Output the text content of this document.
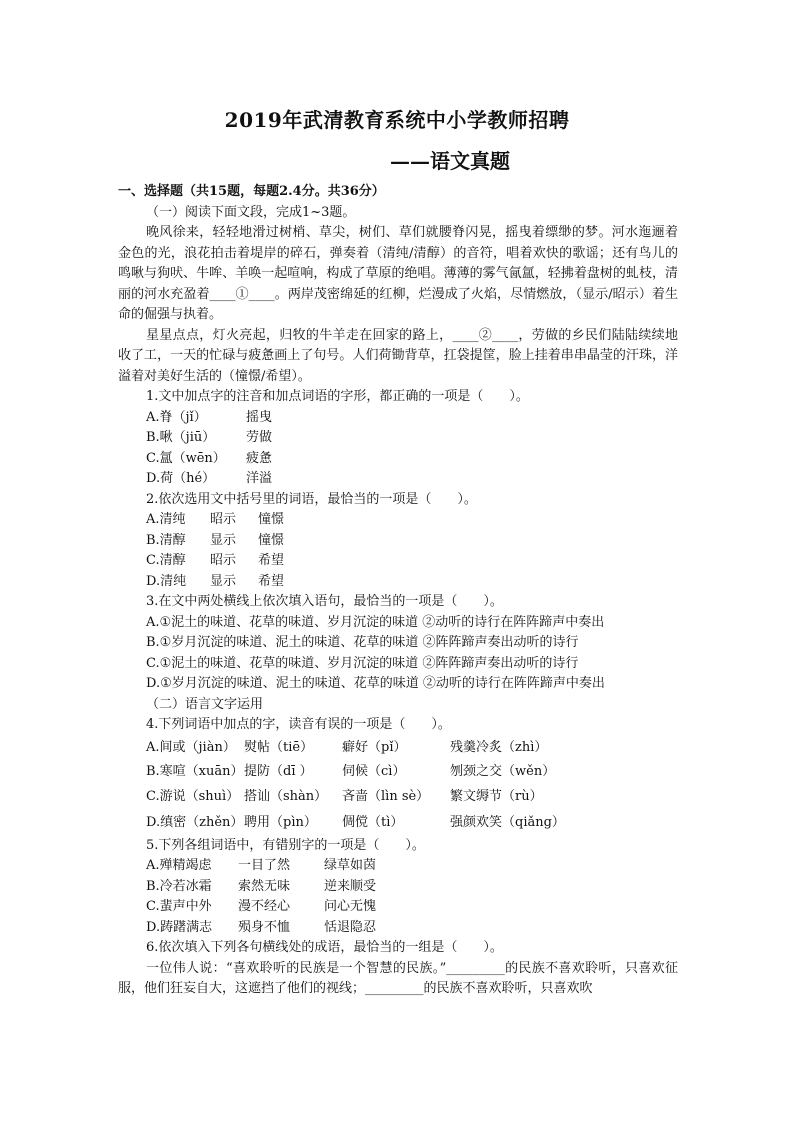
2019年武清教育系统中小学教师招聘
——语文真题
一、选择题（共15题，每题2.4分。共36分）
（一）阅读下面文段，完成1~3题。
晚风徐来，轻轻地滑过树梢、草尖，树们、草们就腰脊闪晃，摇曳着缥缈的梦。河水迤逦着金色的光，浪花拍击着堤岸的碎石，弹奏着（清纯/清醇）的音符，唱着欢快的歌谣；还有鸟儿的鸣啾与狗吠、牛哞、羊唤一起喧响，构成了草原的绝唱。薄薄的雾气氤氲，轻拂着盘树的虬枝，清丽的河水充盈着____①____。两岸茂密绵延的红柳，烂漫成了火焰，尽情燃放，（显示/昭示）着生命的倔强与执着。
星星点点，灯火亮起，归牧的牛羊走在回家的路上，____②____，劳做的乡民们陆陆续续地收了工，一天的忙碌与疲惫画上了句号。人们荷锄背草，扛袋提筐，脸上挂着串串晶莹的汗珠，洋溢着对美好生活的（憧憬/希望）。
1.文中加点字的注音和加点词语的字形，都正确的一项是（　　）。
A.脊（jǐ）	摇曳
B.啾（jiū） 劳做
C.氲（wēn） 疲惫
D.荷（hé） 洋溢
2.依次选用文中括号里的词语，最恰当的一项是（　　）。
A.清纯 昭示 憧憬
B.清醇 显示 憧憬
C.清醇 昭示 希望
D.清纯 显示 希望
3.在文中两处横线上依次填入语句，最恰当的一项是（　　）。
A.①泥土的味道、花草的味道、岁月沉淀的味道 ②动听的诗行在阵阵蹄声中奏出
B.①岁月沉淀的味道、泥土的味道、花草的味道 ②阵阵蹄声奏出动听的诗行
C.①泥土的味道、花草的味道、岁月沉淀的味道 ②阵阵蹄声奏出动听的诗行
D.①岁月沉淀的味道、泥土的味道、花草的味道 ②动听的诗行在阵阵蹄声中奏出
（二）语言文字运用
4.下列词语中加点的字，读音有误的一项是（　　）。
A.间或（jiàn） 熨帖（tiē） 癖好（pǐ）	残羹冷炙（zhì）
B.寒喧（xuān）提防（dī ） 伺候（cì）	刎颈之交（wěn）
C.游说（shuì） 搭讪（shàn） 吝啬（lìn sè） 繁文缛节（rù）
D.缜密（zhěn）聘用（pìn） 倜傥（tì）	强颜欢笑（qiǎng）
5.下列各组词语中，有错别字的一项是（　　）。
A.殚精竭虑 一目了然	绿草如茵
B.冷若冰霜 索然无味	逆来顺受
C.蜚声中外 漫不经心	问心无愧
D.踌躇满志 殒身不恤	恬退隐忍
6.依次填入下列各句横线处的成语，最恰当的一组是（　　）。
一位伟人说：“喜欢聆听的民族是一个智慧的民族。”_________的民族不喜欢聆听，只喜欢征服，他们狂妄自大，这遮挡了他们的视线；_________的民族不喜欢聆听，只喜欢吹
